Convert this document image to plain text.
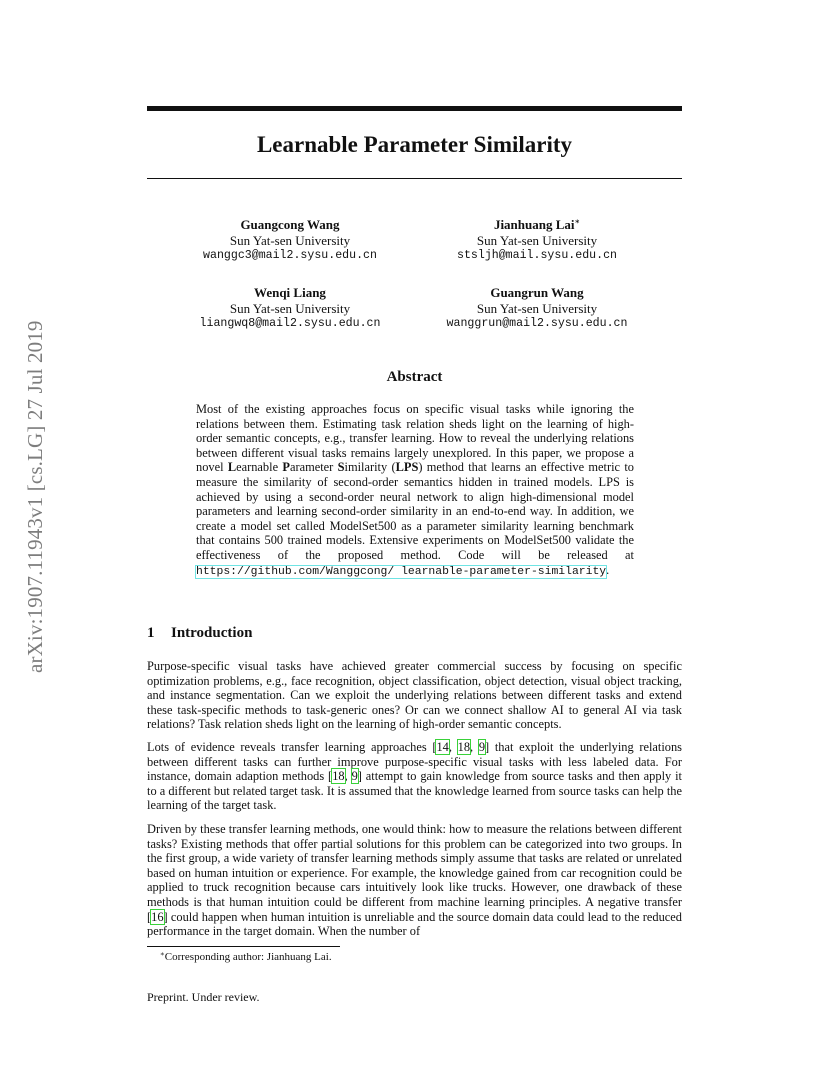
Learnable Parameter Similarity
arXiv:1907.11943v1 [cs.LG] 27 Jul 2019
Guangcong Wang
Sun Yat-sen University
wanggc3@mail2.sysu.edu.cn
Jianhuang Lai∗
Sun Yat-sen University
stsljh@mail.sysu.edu.cn
Wenqi Liang
Sun Yat-sen University
liangwq8@mail2.sysu.edu.cn
Guangrun Wang
Sun Yat-sen University
wanggrun@mail2.sysu.edu.cn
Abstract

Most of the existing approaches focus on specific visual tasks while ignoring the relations between them. Estimating task relation sheds light on the learning of high-order semantic concepts, e.g., transfer learning. How to reveal the underlying relations between different visual tasks remains largely unexplored. In this paper, we propose a novel Learnable Parameter Similarity (LPS) method that learns an effective metric to measure the similarity of second-order semantics hidden in trained models. LPS is achieved by using a second-order neural network to align high-dimensional model parameters and learning second-order similarity in an end-to-end way. In addition, we create a model set called ModelSet500 as a parameter similarity learning benchmark that contains 500 trained models. Extensive experiments on ModelSet500 validate the effectiveness of the proposed method. Code will be released at https://github.com/Wanggcong/ learnable-parameter-similarity.

1 Introduction

Purpose-specific visual tasks have achieved greater commercial success by focusing on specific optimization problems, e.g., face recognition, object classification, object detection, visual object tracking, and instance segmentation. Can we exploit the underlying relations between different tasks and extend these task-specific methods to task-generic ones? Or can we connect shallow AI to general AI via task relations? Task relation sheds light on the learning of high-order semantic concepts.

Lots of evidence reveals transfer learning approaches [14, 18, 9] that exploit the underlying relations between different tasks can further improve purpose-specific visual tasks with less labeled data. For instance, domain adaption methods [18, 9] attempt to gain knowledge from source tasks and then apply it to a different but related target task. It is assumed that the knowledge learned from source tasks can help the learning of the target task.

Driven by these transfer learning methods, one would think: how to measure the relations between different tasks? Existing methods that offer partial solutions for this problem can be categorized into two groups. In the first group, a wide variety of transfer learning methods simply assume that tasks are related or unrelated based on human intuition or experience. For example, the knowledge gained from car recognition could be applied to truck recognition because cars intuitively look like trucks. However, one drawback of these methods is that human intuition could be different from machine learning principles. A negative transfer [16] could happen when human intuition is unreliable and the source domain data could lead to the reduced performance in the target domain. When the number of

∗Corresponding author: Jianhuang Lai.

Preprint. Under review.
